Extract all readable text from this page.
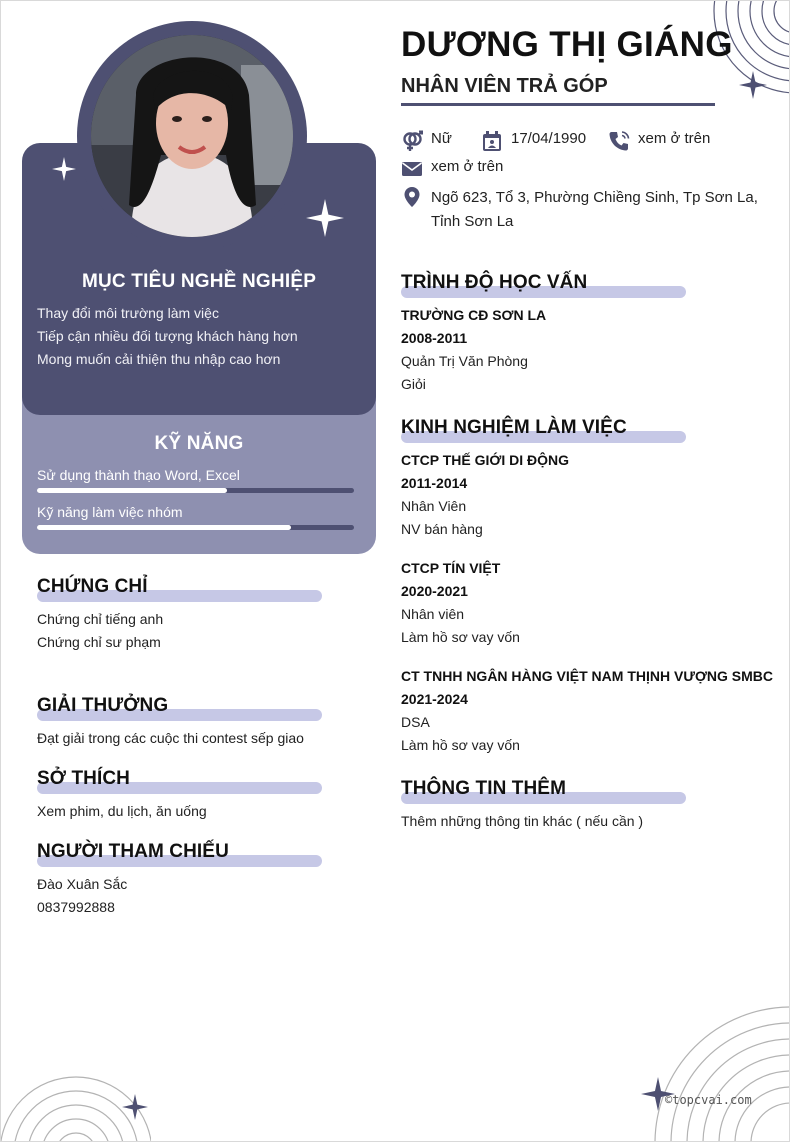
MỤC TIÊU NGHỀ NGHIỆP
Thay đổi môi trường làm việc
Tiếp cận nhiều đối tượng khách hàng hơn
Mong muốn cải thiện thu nhập cao hơn
KỸ NĂNG
Sử dụng thành thạo Word, Excel
Kỹ năng làm việc nhóm
CHỨNG CHỈ
Chứng chỉ tiếng anh
Chứng chỉ sư phạm
GIẢI THƯỞNG
Đạt giải trong các cuộc thi contest sếp giao
SỞ THÍCH
Xem phim, du lịch, ăn uống
NGƯỜI THAM CHIẾU
Đào Xuân Sắc
0837992888
DƯƠNG THỊ GIÁNG
NHÂN VIÊN TRẢ GÓP
Nữ	17/04/1990	xem ở trên
xem ở trên
Ngõ 623, Tổ 3, Phường Chiềng Sinh, Tp Sơn La,
Tỉnh Sơn La
TRÌNH ĐỘ HỌC VẤN
TRƯỜNG CĐ SƠN LA
2008-2011
Quản Trị Văn Phòng
Giỏi
KINH NGHIỆM LÀM VIỆC
CTCP THẾ GIỚI DI ĐỘNG
2011-2014
Nhân Viên
NV bán hàng
CTCP TÍN VIỆT
2020-2021
Nhân viên
Làm hồ sơ vay vốn
CT TNHH NGÂN HÀNG VIỆT NAM THỊNH VƯỢNG SMBC
2021-2024
DSA
Làm hồ sơ vay vốn
THÔNG TIN THÊM
Thêm những thông tin khác ( nếu cần )
©topcvai.com
